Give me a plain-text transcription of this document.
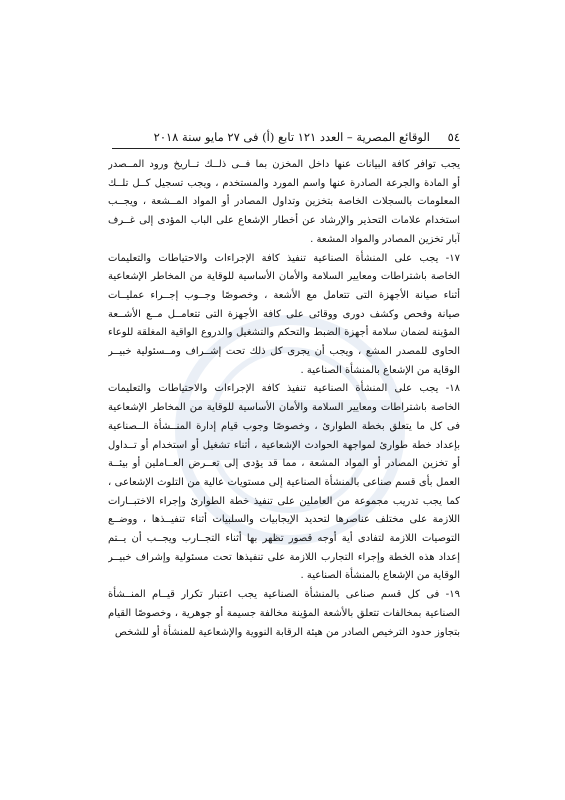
٥٤
الوقائع المصرية – العدد ١٢١ تابع (أ) فى ٢٧ مايو سنة ٢٠١٨
يجب توافر كافة البيانات عنها داخل المخزن بما فــى ذلــك تــاريخ ورود المــصدر
أو المادة والجرعة الصادرة عنها واسم المورد والمستخدم ، ويجب تسجيل كــل تلــك
المعلومات بالسجلات الخاصة بتخزين وتداول المصادر أو المواد المــشعة ، ويجــب
استخدام علامات التحذير والإرشاد عن أخطار الإشعاع على الباب المؤدى إلى غــرف
آبار تخزين المصادر والمواد المشعة .
١٧- يجب على المنشأة الصناعية تنفيذ كافة الإجراءات والاحتياطات والتعليمات
الخاصة باشتراطات ومعايير السلامة والأمان الأساسية للوقاية من المخاطر الإشعاعية
أثناء صيانة الأجهزة التى تتعامل مع الأشعة ، وخصوصًا وجــوب إجــراء عمليــات
صيانة وفحص وكشف دورى ووقائى على كافة الأجهزة التى تتعامــل مــع الأشــعة
المؤينة لضمان سلامة أجهزة الضبط والتحكم والتشغيل والدروع الواقية المغلقة للوعاء
الحاوى للمصدر المشع ، ويجب أن يجرى كل ذلك تحت إشــراف ومــسئولية خبيــر
الوقاية من الإشعاع بالمنشأة الصناعية .
١٨- يجب على المنشأة الصناعية تنفيذ كافة الإجراءات والاحتياطات والتعليمات
الخاصة باشتراطات ومعايير السلامة والأمان الأساسية للوقاية من المخاطر الإشعاعية
فى كل ما يتعلق بخطة الطوارئ ، وخصوصًا وجوب قيام إدارة المنــشأة الــصناعية
بإعداد خطة طوارئ لمواجهة الحوادث الإشعاعية ، أثناء تشغيل أو استخدام أو تــداول
أو تخزين المصادر أو المواد المشعة ، مما قد يؤدى إلى تعــرض العــاملين أو بيئــة
العمل بأى قسم صناعى بالمنشأة الصناعية إلى مستويات عالية من التلوث الإشعاعى ،
كما يجب تدريب مجموعة من العاملين على تنفيذ خطة الطوارئ وإجراء الاختبــارات
اللازمة على مختلف عناصرها لتحديد الإيجابيات والسلبيات أثناء تنفيــذها ، ووضــع
التوصيات اللازمة لتفادى أية أوجه قصور تظهر بها أثناء التجــارب ويجــب أن يــتم
إعداد هذه الخطة وإجراء التجارب اللازمة على تنفيذها تحت مسئولية وإشراف خبيــر
الوقاية من الإشعاع بالمنشأة الصناعية .
١٩- فى كل قسم صناعى بالمنشأة الصناعية يجب اعتبار تكرار قيــام المنــشأة
الصناعية بمخالفات تتعلق بالأشعة المؤينة مخالفة جسيمة أو جوهرية ، وخصوصًا القيام
بتجاوز حدود الترخيص الصادر من هيئة الرقابة النووية والإشعاعية للمنشأة أو للشخص
